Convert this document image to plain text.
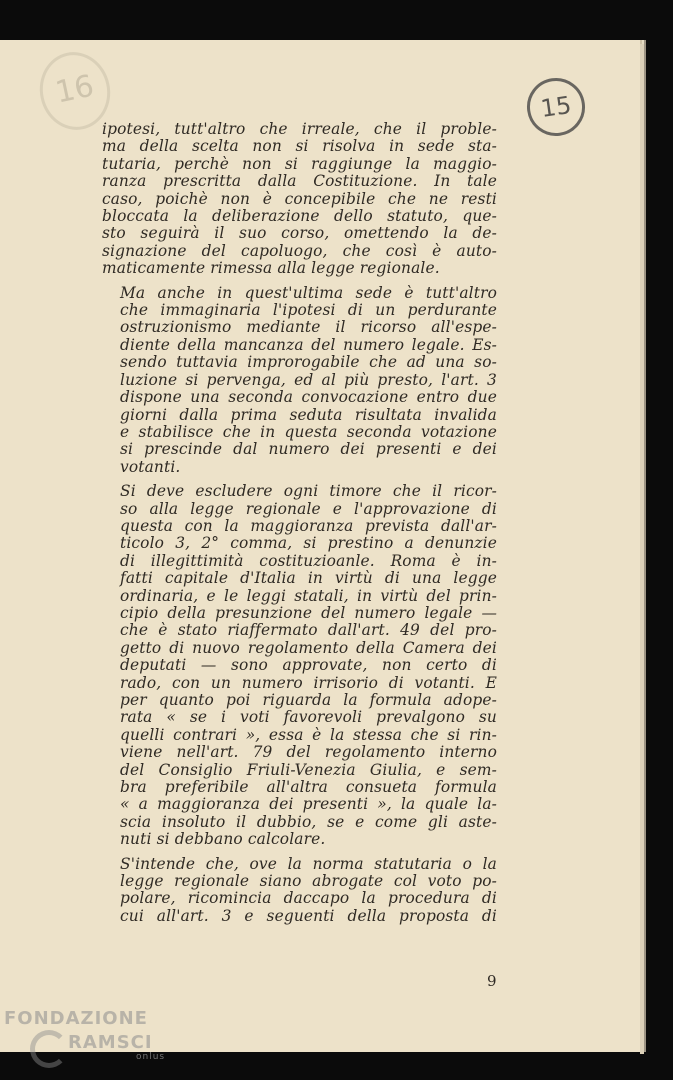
16	15
ipotesi, tutt'altro che irreale, che il proble-
ma della scelta non si risolva in sede sta-
tutaria, perchè non si raggiunge la maggio-
ranza prescritta dalla Costituzione. In tale
caso, poichè non è concepibile che ne resti
bloccata la deliberazione dello statuto, que-
sto seguirà il suo corso, omettendo la de-
signazione del capoluogo, che così è auto-
maticamente rimessa alla legge regionale.
Ma anche in quest'ultima sede è tutt'altro
che immaginaria l'ipotesi di un perdurante
ostruzionismo mediante il ricorso all'espe-
diente della mancanza del numero legale. Es-
sendo tuttavia improrogabile che ad una so-
luzione si pervenga, ed al più presto, l'art. 3
dispone una seconda convocazione entro due
giorni dalla prima seduta risultata invalida
e stabilisce che in questa seconda votazione
si prescinde dal numero dei presenti e dei
votanti.
Si deve escludere ogni timore che il ricor-
so alla legge regionale e l'approvazione di
questa con la maggioranza prevista dall'ar-
ticolo 3, 2° comma, si prestino a denunzie
di illegittimità costituzioanle. Roma è in-
fatti capitale d'Italia in virtù di una legge
ordinaria, e le leggi statali, in virtù del prin-
cipio della presunzione del numero legale —
che è stato riaffermato dall'art. 49 del pro-
getto di nuovo regolamento della Camera dei
deputati — sono approvate, non certo di
rado, con un numero irrisorio di votanti. E
per quanto poi riguarda la formula adope-
rata « se i voti favorevoli prevalgono su
quelli contrari », essa è la stessa che si rin-
viene nell'art. 79 del regolamento interno
del Consiglio Friuli-Venezia Giulia, e sem-
bra preferibile all'altra consueta formula
« a maggioranza dei presenti », la quale la-
scia insoluto il dubbio, se e come gli aste-
nuti si debbano calcolare.
S'intende che, ove la norma statutaria o la
legge regionale siano abrogate col voto po-
polare, ricomincia daccapo la procedura di
cui all'art. 3 e seguenti della proposta di
9
FONDAZIONE
RAMSCI
onlus
